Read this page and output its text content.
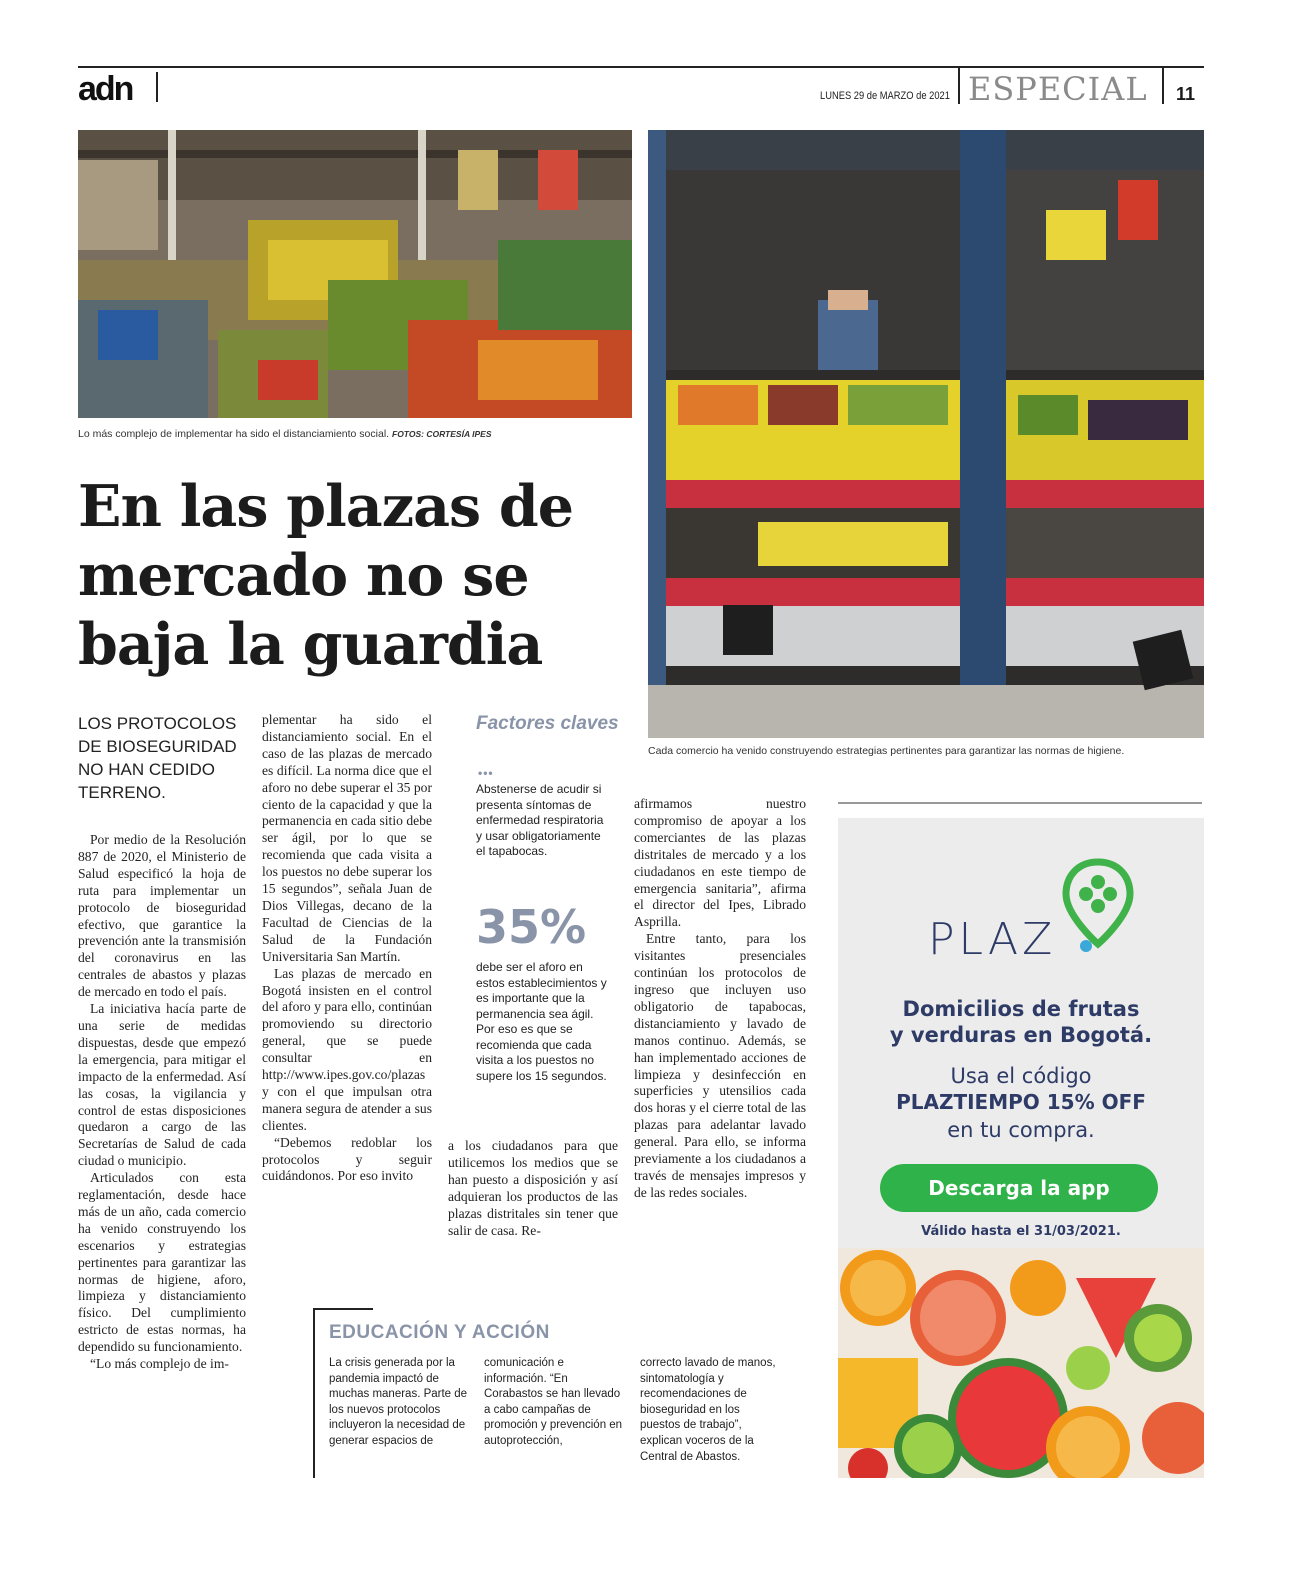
adn	LUNES 29 de MARZO de 2021 ESPECIAL 11
Lo más complejo de implementar ha sido el distanciamiento social. FOTOS: CORTESÍA IPES
Cada comercio ha venido construyendo estrategias pertinentes para garantizar las normas de higiene.
En las plazas de mercado no se baja la guardia
LOS PROTOCOLOS DE BIOSEGURIDAD NO HAN CEDIDO TERRENO.

Por medio de la Resolución 887 de 2020, el Ministerio de Salud especificó la hoja de ruta para implementar un protocolo de bioseguridad efectivo, que garantice la prevención ante la transmisión del coronavirus en las centrales de abastos y plazas de mercado en todo el país.

La iniciativa hacía parte de una serie de medidas dispuestas, desde que empezó la emergencia, para mitigar el impacto de la enfermedad. Así las cosas, la vigilancia y control de estas disposiciones quedaron a cargo de las Secretarías de Salud de cada ciudad o municipio.

Articulados con esta reglamentación, desde hace más de un año, cada comercio ha venido construyendo los escenarios y estrategias pertinentes para garantizar las normas de higiene, aforo, limpieza y distanciamiento físico. Del cumplimiento estricto de estas normas, ha dependido su funcionamiento.

“Lo más complejo de im-

plementar ha sido el distanciamiento social. En el caso de las plazas de mercado es difícil. La norma dice que el aforo no debe superar el 35 por ciento de la capacidad y que la permanencia en cada sitio debe ser ágil, por lo que se recomienda que cada visita a los puestos no debe superar los 15 segundos”, señala Juan de Dios Villegas, decano de la Facultad de Ciencias de la Salud de la Fundación Universitaria San Martín.

Las plazas de mercado en Bogotá insisten en el control del aforo y para ello, continúan promoviendo su directorio general, que se puede consultar en http://www.ipes.gov.co/plazas y con el que impulsan otra manera segura de atender a sus clientes.

“Debemos redoblar los protocolos y seguir cuidándonos. Por eso invito

Factores claves
•••
Abstenerse de acudir si presenta síntomas de enfermedad respiratoria y usar obligatoriamente el tapabocas.
35%
debe ser el aforo en estos establecimientos y es importante que la permanencia sea ágil. Por eso es que se recomienda que cada visita a los puestos no supere los 15 segundos.

a los ciudadanos para que utilicemos los medios que se han puesto a disposición y así adquieran los productos de las plazas distritales sin tener que salir de casa. Re-

afirmamos nuestro compromiso de apoyar a los comerciantes de las plazas distritales de mercado y a los ciudadanos en este tiempo de emergencia sanitaria”, afirma el director del Ipes, Librado Asprilla.

Entre tanto, para los visitantes presenciales continúan los protocolos de ingreso que incluyen uso obligatorio de tapabocas, distanciamiento y lavado de manos continuo. Además, se han implementado acciones de limpieza y desinfección en superficies y utensilios cada dos horas y el cierre total de las plazas para adelantar lavado general. Para ello, se informa previamente a los ciudadanos a través de mensajes impresos y de las redes sociales.

EDUCACIÓN Y ACCIÓN
La crisis generada por la pandemia impactó de muchas maneras. Parte de los nuevos protocolos incluyeron la necesidad de generar espacios de
comunicación e información. “En Corabastos se han llevado a cabo campañas de promoción y prevención en autoprotección,
correcto lavado de manos, sintomatología y recomendaciones de bioseguridad en los puestos de trabajo”, explican voceros de la Central de Abastos.
PLAZ
Domicilios de frutas
y verduras en Bogotá.
Usa el código
PLAZTIEMPO 15% OFF
en tu compra.
Descarga la app
Válido hasta el 31/03/2021.
